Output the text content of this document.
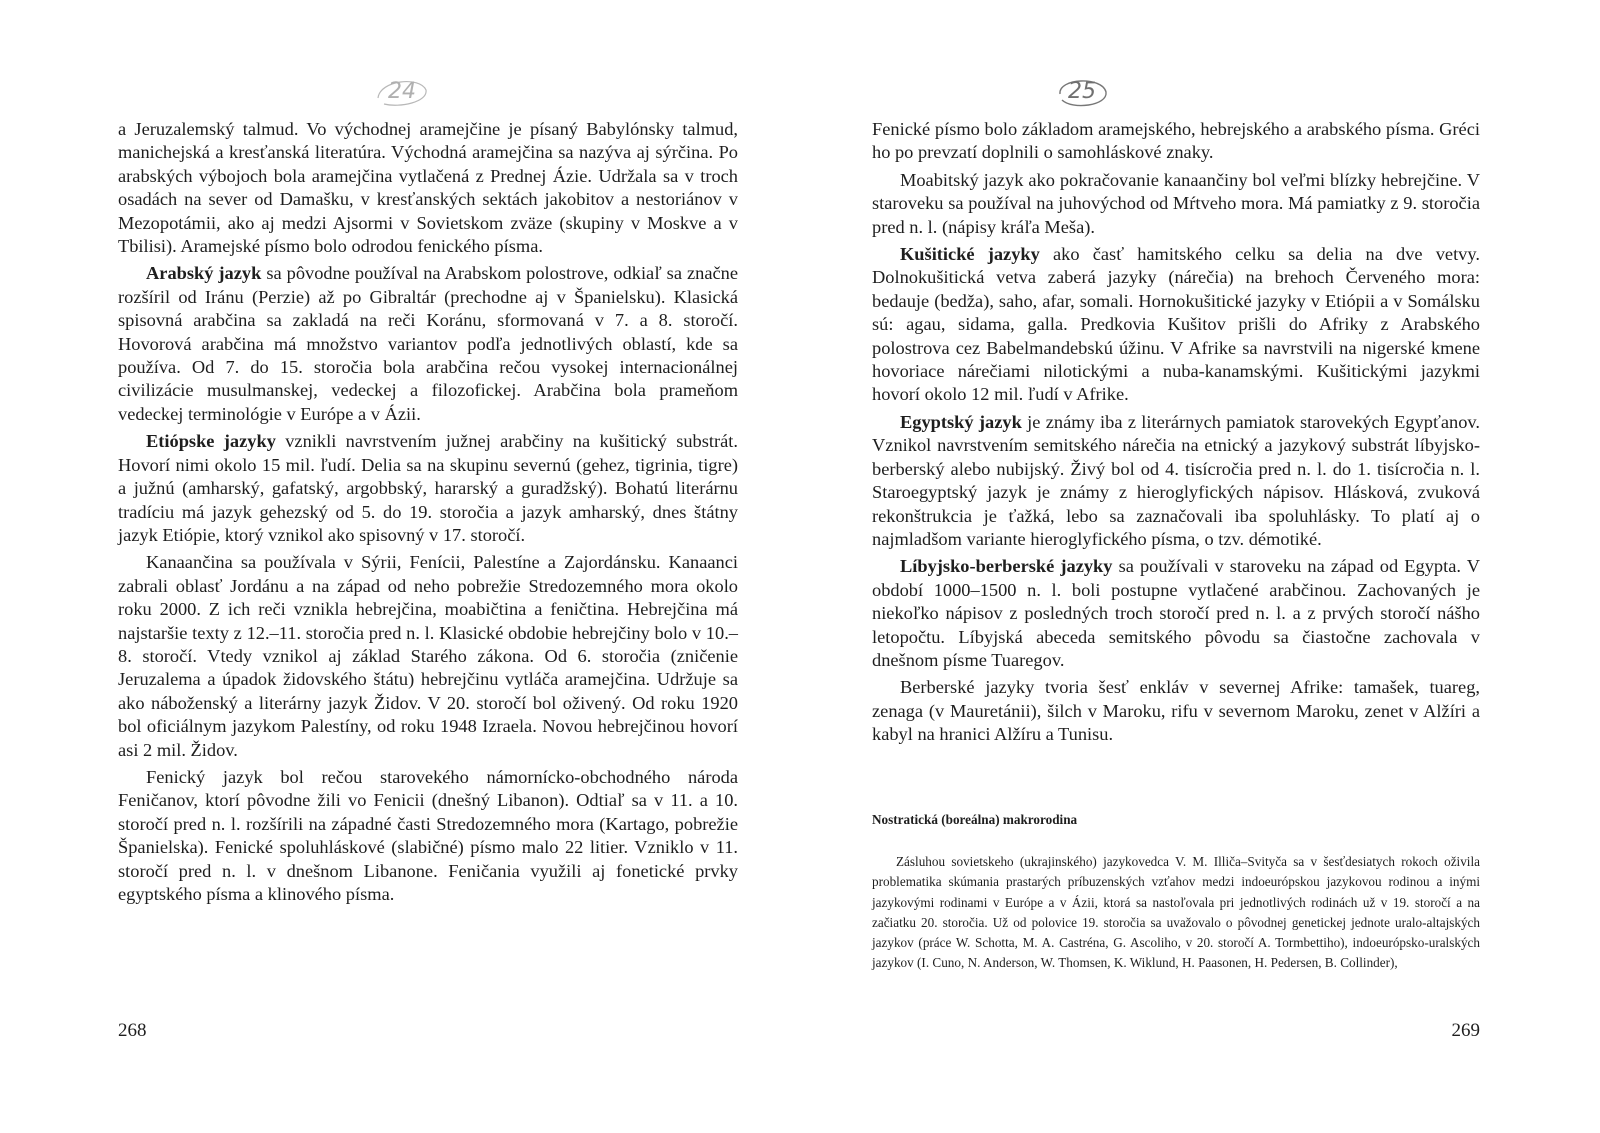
24

a Jeruzalemský talmud. Vo východnej aramejčine je písaný Babylónsky talmud, manichejská a kresťanská literatúra. Východná aramejčina sa nazýva aj sýrčina. Po arabských výbojoch bola aramejčina vytlačená z Prednej Ázie. Udržala sa v troch osadách na sever od Damašku, v kresťanských sektách jakobitov a nestoriánov v Mezopotámii, ako aj medzi Ajsormi v Sovietskom zväze (skupiny v Moskve a v Tbilisi). Aramejské písmo bolo odrodou fenického písma.

Arabský jazyk sa pôvodne používal na Arabskom polostrove, odkiaľ sa značne rozšíril od Iránu (Perzie) až po Gibraltár (prechodne aj v Španielsku). Klasická spisovná arabčina sa zakladá na reči Koránu, sformovaná v 7. a 8. storočí. Hovorová arabčina má množstvo variantov podľa jednotlivých oblastí, kde sa používa. Od 7. do 15. storočia bola arabčina rečou vysokej internacionálnej civilizácie musulmanskej, vedeckej a filozofickej. Arabčina bola prameňom vedeckej terminológie v Európe a v Ázii.

Etiópske jazyky vznikli navrstvením južnej arabčiny na kušitický substrát. Hovorí nimi okolo 15 mil. ľudí. Delia sa na skupinu severnú (gehez, tigrinia, tigre) a južnú (amharský, gafatský, argobbský, hararský a guradžský). Bohatú literárnu tradíciu má jazyk gehezský od 5. do 19. storočia a jazyk amharský, dnes štátny jazyk Etiópie, ktorý vznikol ako spisovný v 17. storočí.

Kanaančina sa používala v Sýrii, Fenícii, Palestíne a Zajordánsku. Kanaanci zabrali oblasť Jordánu a na západ od neho pobrežie Stredozemného mora okolo roku 2000. Z ich reči vznikla hebrejčina, moabičtina a feničtina. Hebrejčina má najstaršie texty z 12.–11. storočia pred n. l. Klasické obdobie hebrejčiny bolo v 10.–8. storočí. Vtedy vznikol aj základ Starého zákona. Od 6. storočia (zničenie Jeruzalema a úpadok židovského štátu) hebrejčinu vytláča aramejčina. Udržuje sa ako náboženský a literárny jazyk Židov. V 20. storočí bol oživený. Od roku 1920 bol oficiálnym jazykom Palestíny, od roku 1948 Izraela. Novou hebrejčinou hovorí asi 2 mil. Židov.

Fenický jazyk bol rečou starovekého námornícko-obchodného národa Feničanov, ktorí pôvodne žili vo Fenicii (dnešný Libanon). Odtiaľ sa v 11. a 10. storočí pred n. l. rozšírili na západné časti Stredozemného mora (Kartago, pobrežie Španielska). Fenické spoluhláskové (slabičné) písmo malo 22 litier. Vzniklo v 11. storočí pred n. l. v dnešnom Libanone. Feničania využili aj fonetické prvky egyptského písma a klinového písma.

268
25

Fenické písmo bolo základom aramejského, hebrejského a arabského písma. Gréci ho po prevzatí doplnili o samohláskové znaky.

Moabitský jazyk ako pokračovanie kanaančiny bol veľmi blízky hebrejčine. V staroveku sa používal na juhovýchod od Mŕtveho mora. Má pamiatky z 9. storočia pred n. l. (nápisy kráľa Meša).

Kušitické jazyky ako časť hamitského celku sa delia na dve vetvy. Dolnokušitická vetva zaberá jazyky (nárečia) na brehoch Červeného mora: bedauje (bedža), saho, afar, somali. Hornokušitické jazyky v Etiópii a v Somálsku sú: agau, sidama, galla. Predkovia Kušitov prišli do Afriky z Arabského polostrova cez Babelmandebskú úžinu. V Afrike sa navrstvili na nigerské kmene hovoriace nárečiami nilotickými a nuba-kanamskými. Kušitickými jazykmi hovorí okolo 12 mil. ľudí v Afrike.

Egyptský jazyk je známy iba z literárnych pamiatok starovekých Egypťanov. Vznikol navrstvením semitského nárečia na etnický a jazykový substrát líbyjsko-berberský alebo nubijský. Živý bol od 4. tisícročia pred n. l. do 1. tisícročia n. l. Staroegyptský jazyk je známy z hieroglyfických nápisov. Hlásková, zvuková rekonštrukcia je ťažká, lebo sa zaznačovali iba spoluhlásky. To platí aj o najmladšom variante hieroglyfického písma, o tzv. démotiké.

Líbyjsko-berberské jazyky sa používali v staroveku na západ od Egypta. V období 1000–1500 n. l. boli postupne vytlačené arabčinou. Zachovaných je niekoľko nápisov z posledných troch storočí pred n. l. a z prvých storočí nášho letopočtu. Líbyjská abeceda semitského pôvodu sa čiastočne zachovala v dnešnom písme Tuaregov.

Berberské jazyky tvoria šesť enkláv v severnej Afrike: tamašek, tuareg, zenaga (v Mauretánii), šilch v Maroku, rifu v severnom Maroku, zenet v Alžíri a kabyl na hranici Alžíru a Tunisu.

Nostratická (boreálna) makrorodina

Zásluhou sovietskeho (ukrajinského) jazykovedca V. M. Illiča–Svityča sa v šesťdesiatych rokoch oživila problematika skúmania prastarých príbuzenských vzťahov medzi indoeurópskou jazykovou rodinou a inými jazykovými rodinami v Európe a v Ázii, ktorá sa nastoľovala pri jednotlivých rodinách už v 19. storočí a na začiatku 20. storočia. Už od polovice 19. storočia sa uvažovalo o pôvodnej genetickej jednote uralo-altajských jazykov (práce W. Schotta, M. A. Castréna, G. Ascoliho, v 20. storočí A. Tormbettiho), indoeurópsko-uralských jazykov (I. Cuno, N. Anderson, W. Thomsen, K. Wiklund, H. Paasonen, H. Pedersen, B. Collinder),

269
